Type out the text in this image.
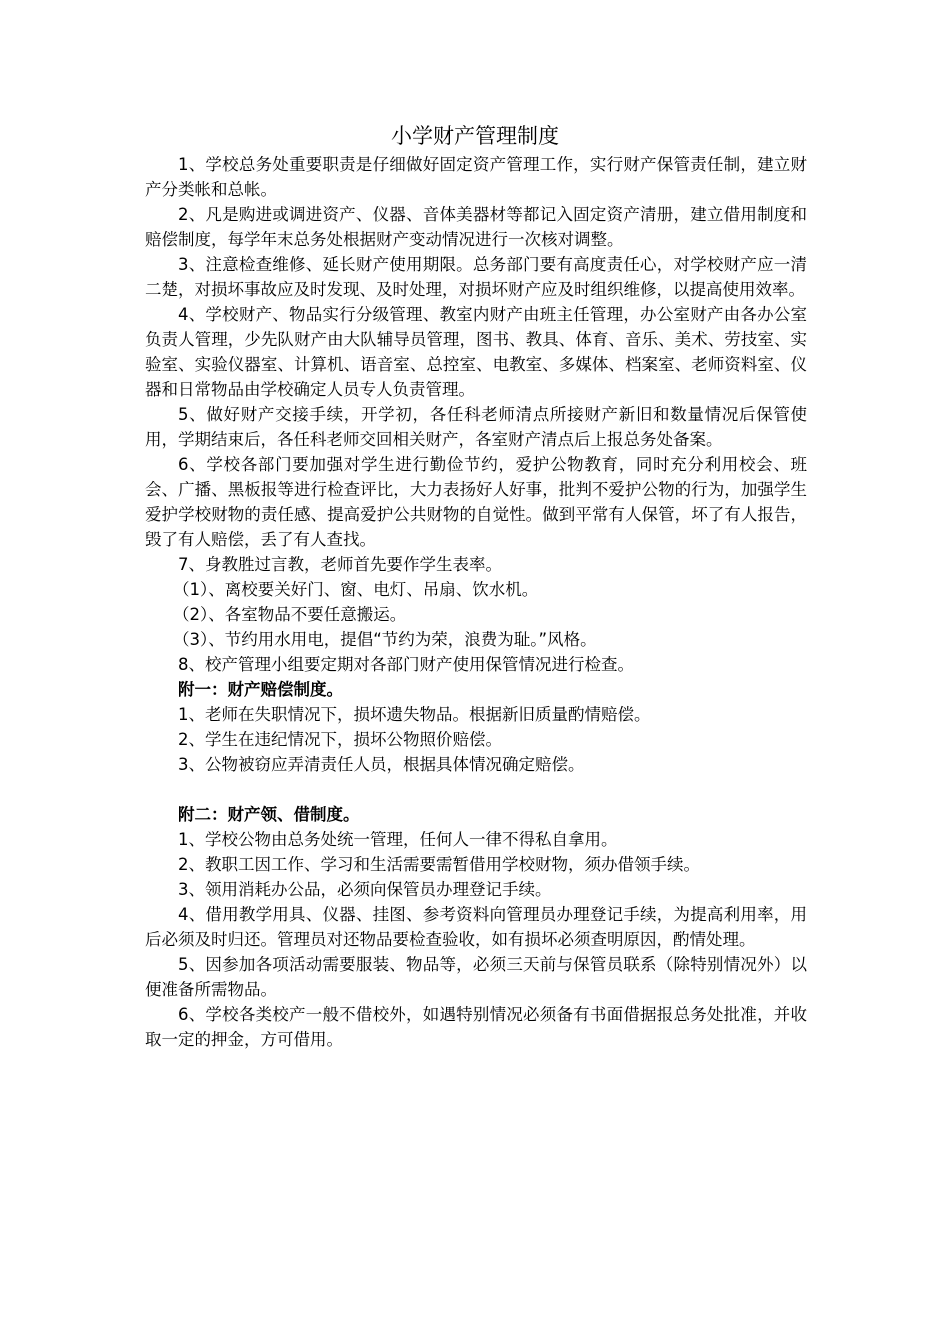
小学财产管理制度

1、学校总务处重要职责是仔细做好固定资产管理工作，实行财产保管责任制，建立财产分类帐和总帐。

2、凡是购进或调进资产、仪器、音体美器材等都记入固定资产清册，建立借用制度和赔偿制度，每学年末总务处根据财产变动情况进行一次核对调整。

3、注意检查维修、延长财产使用期限。总务部门要有高度责任心，对学校财产应一清二楚，对损坏事故应及时发现、及时处理，对损坏财产应及时组织维修，以提高使用效率。

4、学校财产、物品实行分级管理、教室内财产由班主任管理，办公室财产由各办公室负责人管理，少先队财产由大队辅导员管理，图书、教具、体育、音乐、美术、劳技室、实验室、实验仪器室、计算机、语音室、总控室、电教室、多媒体、档案室、老师资料室、仪器和日常物品由学校确定人员专人负责管理。

5、做好财产交接手续，开学初，各任科老师清点所接财产新旧和数量情况后保管使用，学期结束后，各任科老师交回相关财产，各室财产清点后上报总务处备案。

6、学校各部门要加强对学生进行勤俭节约，爱护公物教育，同时充分利用校会、班会、广播、黑板报等进行检查评比，大力表扬好人好事，批判不爱护公物的行为，加强学生爱护学校财物的责任感、提高爱护公共财物的自觉性。做到平常有人保管，坏了有人报告，毁了有人赔偿，丢了有人查找。

7、身教胜过言教，老师首先要作学生表率。

（1）、离校要关好门、窗、电灯、吊扇、饮水机。

（2）、各室物品不要任意搬运。

（3）、节约用水用电，提倡“节约为荣，浪费为耻。”风格。

8、校产管理小组要定期对各部门财产使用保管情况进行检查。

附一：财产赔偿制度。

1、老师在失职情况下，损坏遗失物品。根据新旧质量酌情赔偿。

2、学生在违纪情况下，损坏公物照价赔偿。

3、公物被窃应弄清责任人员，根据具体情况确定赔偿。

附二：财产领、借制度。

1、学校公物由总务处统一管理，任何人一律不得私自拿用。

2、教职工因工作、学习和生活需要需暂借用学校财物，须办借领手续。

3、领用消耗办公品，必须向保管员办理登记手续。

4、借用教学用具、仪器、挂图、参考资料向管理员办理登记手续，为提高利用率，用后必须及时归还。管理员对还物品要检查验收，如有损坏必须查明原因，酌情处理。

5、因参加各项活动需要服装、物品等，必须三天前与保管员联系（除特别情况外）以便准备所需物品。

6、学校各类校产一般不借校外，如遇特别情况必须备有书面借据报总务处批准，并收取一定的押金，方可借用。
